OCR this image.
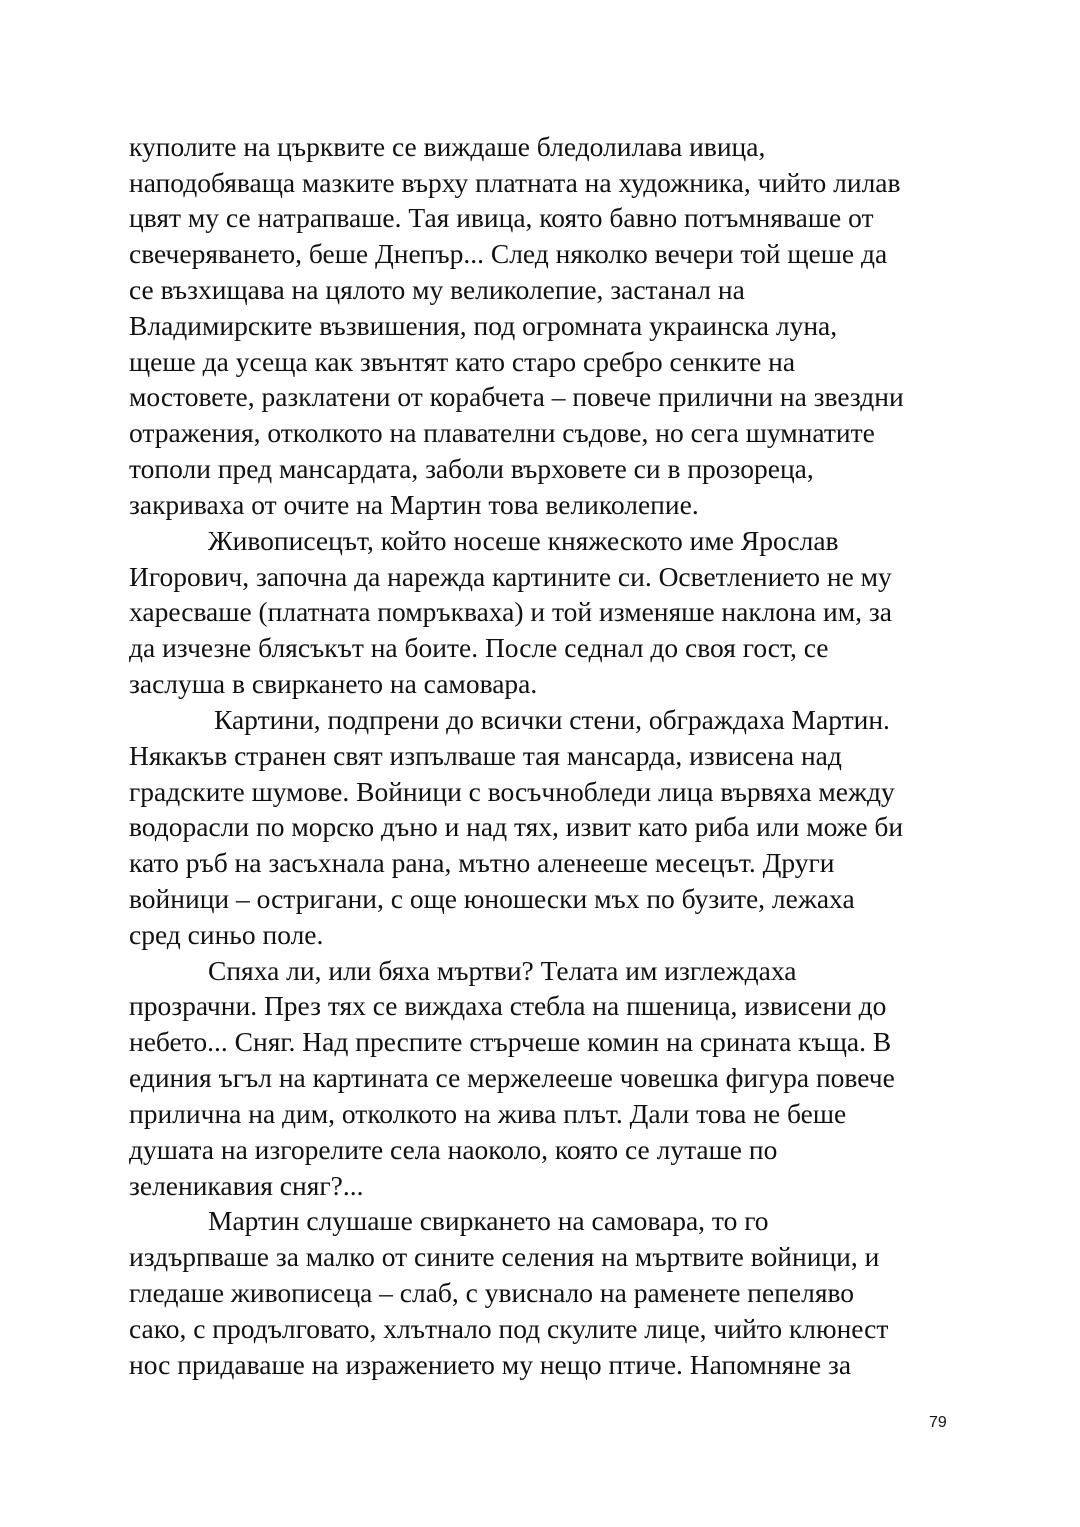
куполите на църквите се виждаше бледолилава ивица,

наподобяваща мазките върху платната на художника, чийто лилав

цвят му се натрапваше. Тая ивица, която бавно потъмняваше от

свечеряването, беше Днепър... След няколко вечери той щеше да

се възхищава на цялото му великолепие, застанал на

Владимирските възвишения, под огромната украинска луна,

щеше да усеща как звънтят като старо сребро сенките на

мостовете, разклатени от корабчета – повече прилични на звездни

отражения, отколкото на плавателни съдове, но сега шумнатите

тополи пред мансардата, заболи върховете си в прозореца,

закриваха от очите на Мартин това великолепие.

Живописецът, който носеше княжеското име Ярослав

Игорович, започна да нарежда картините си. Осветлението не му

харесваше (платната помръкваха) и той изменяше наклона им, за

да изчезне блясъкът на боите. После седнал до своя гост, се

заслуша в свиркането на самовара.

Картини, подпрени до всички стени, обграждаха Мартин.

Някакъв странен свят изпълваше тая мансарда, извисена над

градските шумове. Войници с восъчнобледи лица вървяха между

водорасли по морско дъно и над тях, извит като риба или може би

като ръб на засъхнала рана, мътно аленееше месецът. Други

войници – остригани, с още юношески мъх по бузите, лежаха

сред синьо поле.

Спяха ли, или бяха мъртви? Телата им изглеждаха

прозрачни. През тях се виждаха стебла на пшеница, извисени до

небето... Сняг. Над преспите стърчеше комин на срината къща. В

единия ъгъл на картината се мержелееше човешка фигура повече

прилична на дим, отколкото на жива плът. Дали това не беше

душата на изгорелите села наоколо, която се луташе по

зеленикавия сняг?...

Мартин слушаше свиркането на самовара, то го

издърпваше за малко от сините селения на мъртвите войници, и

гледаше живописеца – слаб, с увиснало на раменете пепеляво

сако, с продълговато, хлътнало под скулите лице, чийто клюнест

нос придаваше на изражението му нещо птиче. Напомняне за

79
